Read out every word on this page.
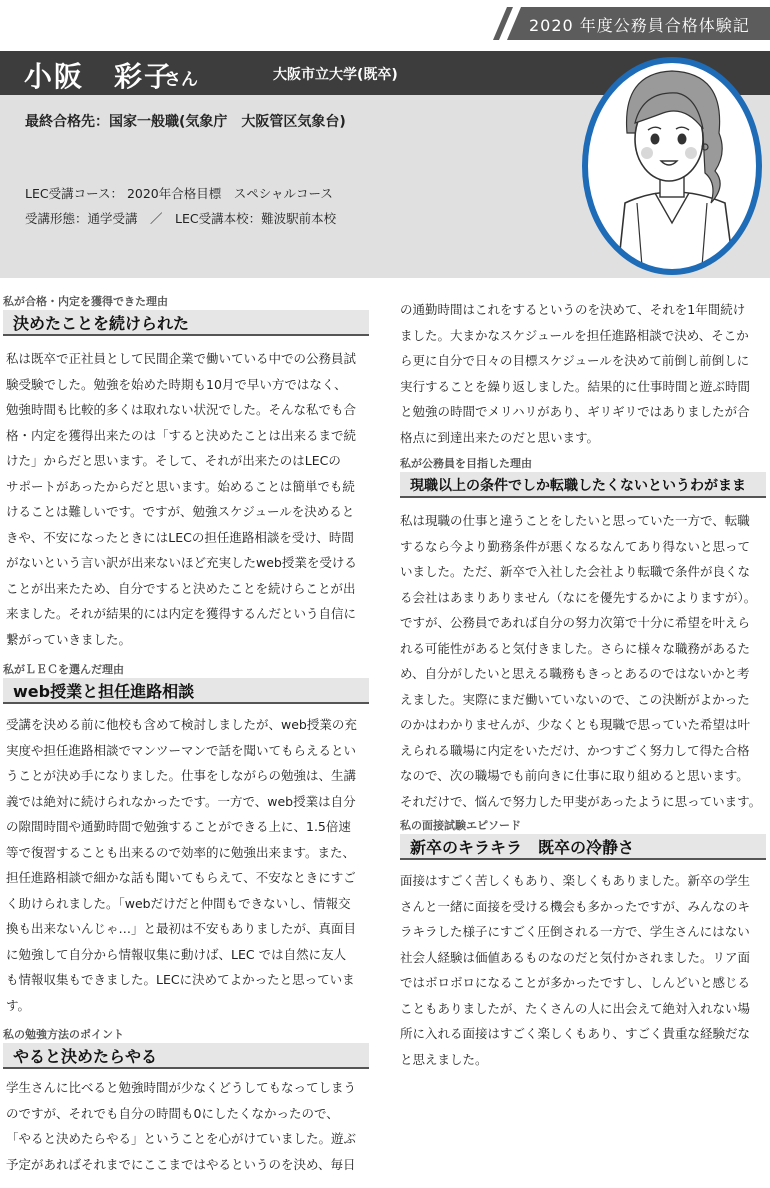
2020 年度公務員合格体験記
小阪　彩子
さん	大阪市立大学(既卒)
最終合格先：国家一般職(気象庁　大阪管区気象台)
LEC受講コース： 2020年合格目標　スペシャルコース
受講形態：通学受講　／　LEC受講本校：難波駅前本校
私が合格・内定を獲得できた理由
決めたことを続けられた
私は既卒で正社員として民間企業で働いている中での公務員試
験受験でした。勉強を始めた時期も10月で早い方ではなく、
勉強時間も比較的多くは取れない状況でした。そんな私でも合
格・内定を獲得出来たのは「すると決めたことは出来るまで続
けた」からだと思います。そして、それが出来たのはLECの
サポートがあったからだと思います。始めることは簡単でも続
けることは難しいです。ですが、勉強スケジュールを決めると
きや、不安になったときにはLECの担任進路相談を受け、時間
がないという言い訳が出来ないほど充実したweb授業を受ける
ことが出来たため、自分ですると決めたことを続けらことが出
来ました。それが結果的には内定を獲得するんだという自信に
繋がっていきました。
私がＬＥＣを選んだ理由
web授業と担任進路相談
受講を決める前に他校も含めて検討しましたが、web授業の充
実度や担任進路相談でマンツーマンで話を聞いてもらえるとい
うことが決め手になりました。仕事をしながらの勉強は、生講
義では絶対に続けられなかったです。一方で、web授業は自分
の隙間時間や通勤時間で勉強することができる上に、1.5倍速
等で復習することも出来るので効率的に勉強出来ます。また、
担任進路相談で細かな話も聞いてもらえて、不安なときにすご
く助けられました。「webだけだと仲間もできないし、情報交
換も出来ないんじゃ…」と最初は不安もありましたが、真面目
に勉強して自分から情報収集に動けば、LEC では自然に友人
も情報収集もできました。LECに決めてよかったと思っていま
す。
私の勉強方法のポイント
やると決めたらやる
学生さんに比べると勉強時間が少なくどうしてもなってしまう
のですが、それでも自分の時間も0にしたくなかったので、
「やると決めたらやる」ということを心がけていました。遊ぶ
予定があればそれまでにここまではやるというのを決め、毎日
の通勤時間はこれをするというのを決めて、それを1年間続け
ました。大まかなスケジュールを担任進路相談で決め、そこか
ら更に自分で日々の目標スケジュールを決めて前倒し前倒しに
実行することを繰り返しました。結果的に仕事時間と遊ぶ時間
と勉強の時間でメリハリがあり、ギリギリではありましたが合
格点に到達出来たのだと思います。
私が公務員を目指した理由
現職以上の条件でしか転職したくないというわがまま
私は現職の仕事と違うことをしたいと思っていた一方で、転職
するなら今より勤務条件が悪くなるなんてあり得ないと思って
いました。ただ、新卒で入社した会社より転職で条件が良くな
る会社はあまりありません（なにを優先するかによりますが）。
ですが、公務員であれば自分の努力次第で十分に希望を叶えら
れる可能性があると気付きました。さらに様々な職務があるた
め、自分がしたいと思える職務もきっとあるのではないかと考
えました。実際にまだ働いていないので、この決断がよかった
のかはわかりませんが、少なくとも現職で思っていた希望は叶
えられる職場に内定をいただけ、かつすごく努力して得た合格
なので、次の職場でも前向きに仕事に取り組めると思います。
それだけで、悩んで努力した甲斐があったように思っています。
私の面接試験エピソード
新卒のキラキラ　既卒の冷静さ
面接はすごく苦しくもあり、楽しくもありました。新卒の学生
さんと一緒に面接を受ける機会も多かったですが、みんなのキ
ラキラした様子にすごく圧倒される一方で、学生さんにはない
社会人経験は価値あるものなのだと気付かされました。リア面
ではボロボロになることが多かったですし、しんどいと感じる
こともありましたが、たくさんの人に出会えて絶対入れない場
所に入れる面接はすごく楽しくもあり、すごく貴重な経験だな
と思えました。
